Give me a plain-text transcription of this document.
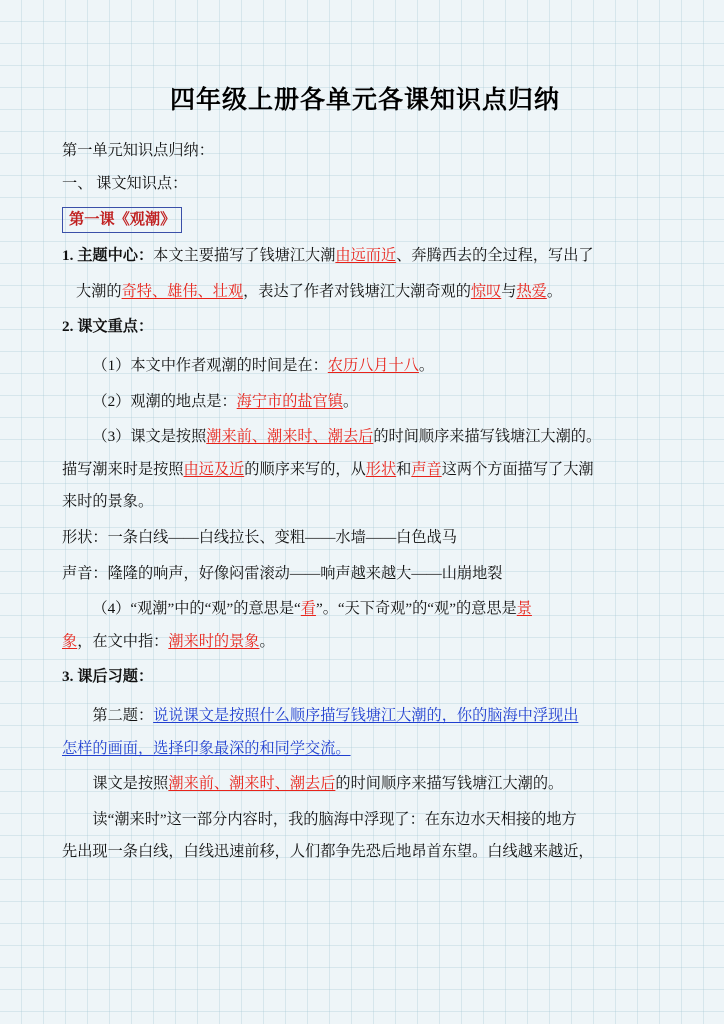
四年级上册各单元各课知识点归纳

第一单元知识点归纳：

一、 课文知识点：

第一课《观潮》

1. 主题中心：本文主要描写了钱塘江大潮由远而近、奔腾西去的全过程，写出了

大潮的奇特、雄伟、壮观，表达了作者对钱塘江大潮奇观的惊叹与热爱。

2. 课文重点：

（1）本文中作者观潮的时间是在：农历八月十八。

（2）观潮的地点是：海宁市的盐官镇。

（3）课文是按照潮来前、潮来时、潮去后的时间顺序来描写钱塘江大潮的。

描写潮来时是按照由远及近的顺序来写的，从形状和声音这两个方面描写了大潮

来时的景象。

形状：一条白线——白线拉长、变粗——水墙——白色战马

声音：隆隆的响声，好像闷雷滚动——响声越来越大——山崩地裂

（4）“观潮”中的“观”的意思是“看”。“天下奇观”的“观”的意思是景

象，在文中指：潮来时的景象。

3. 课后习题：

第二题：说说课文是按照什么顺序描写钱塘江大潮的，你的脑海中浮现出

怎样的画面，选择印象最深的和同学交流。

课文是按照潮来前、潮来时、潮去后的时间顺序来描写钱塘江大潮的。

读“潮来时”这一部分内容时，我的脑海中浮现了：在东边水天相接的地方

先出现一条白线，白线迅速前移，人们都争先恐后地昂首东望。白线越来越近，
